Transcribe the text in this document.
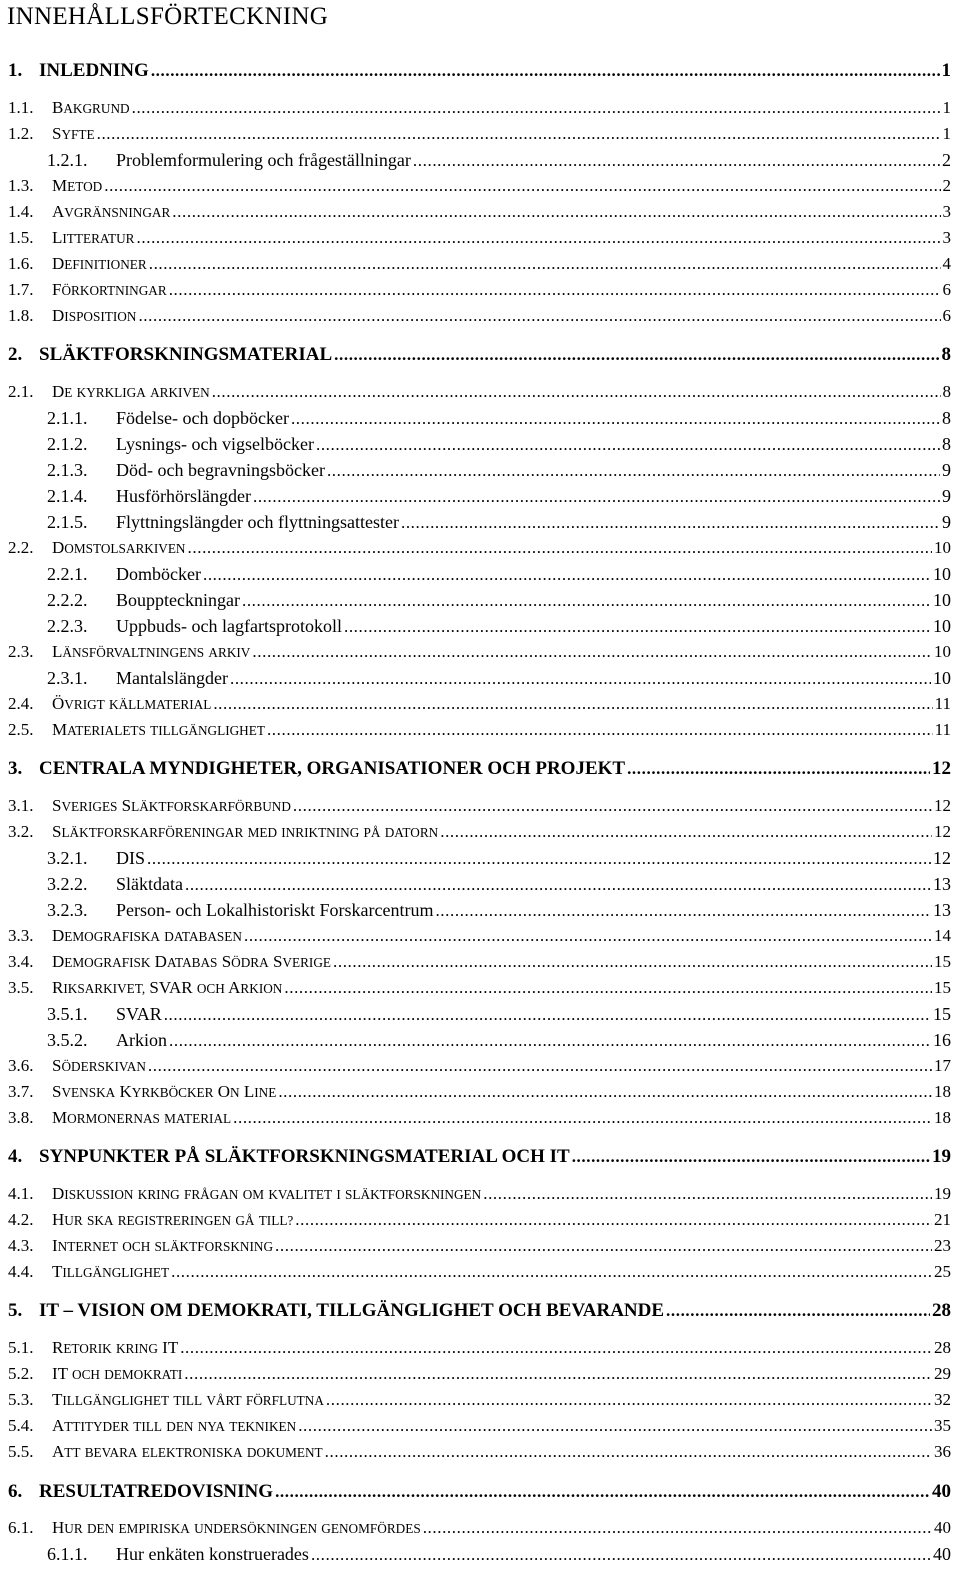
INNEHÅLLSFÖRTECKNING
1. INLEDNING .....	1
1.1. BAKGRUND .....	1
1.2. SYFTE .....	1
1.2.1. Problemformulering och frågeställningar .....	2
1.3. METOD .....	2
1.4. AVGRÄNSNINGAR .....	3
1.5. LITTERATUR .....	3
1.6. DEFINITIONER .....	4
1.7. FÖRKORTNINGAR .....	6
1.8. DISPOSITION .....	6
2. SLÄKTFORSKNINGSMATERIAL .....	8
2.1. DE KYRKLIGA ARKIVEN .....	8
2.1.1. Födelse- och dopböcker .....	8
2.1.2. Lysnings- och vigselböcker .....	8
2.1.3. Död- och begravningsböcker .....	9
2.1.4. Husförhörslängder .....	9
2.1.5. Flyttningslängder och flyttningsattester .....	9
2.2. DOMSTOLSARKIVEN .....	10
2.2.1. Domböcker .....	10
2.2.2. Bouppteckningar .....	10
2.2.3. Uppbuds- och lagfartsprotokoll .....	10
2.3. LÄNSFÖRVALTNINGENS ARKIV .....	10
2.3.1. Mantalslängder .....	10
2.4. ÖVRIGT KÄLLMATERIAL .....	11
2.5. MATERIALETS TILLGÄNGLIGHET .....	11
3. CENTRALA MYNDIGHETER, ORGANISATIONER OCH PROJEKT .....	12
3.1. SVERIGES SLÄKTFORSKARFÖRBUND .....	12
3.2. SLÄKTFORSKARFÖRENINGAR MED INRIKTNING PÅ DATORN .....	12
3.2.1. DIS .....	12
3.2.2. Släktdata .....	13
3.2.3. Person- och Lokalhistoriskt Forskarcentrum .....	13
3.3. DEMOGRAFISKA DATABASEN .....	14
3.4. DEMOGRAFISK DATABAS SÖDRA SVERIGE .....	15
3.5. RIKSARKIVET, SVAR OCH ARKION .....	15
3.5.1. SVAR .....	15
3.5.2. Arkion .....	16
3.6. SÖDERSKIVAN .....	17
3.7. SVENSKA KYRKBÖCKER ON LINE .....	18
3.8. MORMONERNAS MATERIAL .....	18
4. SYNPUNKTER PÅ SLÄKTFORSKNINGSMATERIAL OCH IT .....	19
4.1. DISKUSSION KRING FRÅGAN OM KVALITET I SLÄKTFORSKNINGEN .....	19
4.2. HUR SKA REGISTRERINGEN GÅ TILL? .....	21
4.3. INTERNET OCH SLÄKTFORSKNING .....	23
4.4. TILLGÄNGLIGHET .....	25
5. IT – VISION OM DEMOKRATI, TILLGÄNGLIGHET OCH BEVARANDE .....	28
5.1. RETORIK KRING IT .....	28
5.2. IT OCH DEMOKRATI .....	29
5.3. TILLGÄNGLIGHET TILL VÅRT FÖRFLUTNA .....	32
5.4. ATTITYDER TILL DEN NYA TEKNIKEN .....	35
5.5. ATT BEVARA ELEKTRONISKA DOKUMENT .....	36
6. RESULTATREDOVISNING .....	40
6.1. HUR DEN EMPIRISKA UNDERSÖKNINGEN GENOMFÖRDES .....	40
6.1.1. Hur enkäten konstruerades .....	40
